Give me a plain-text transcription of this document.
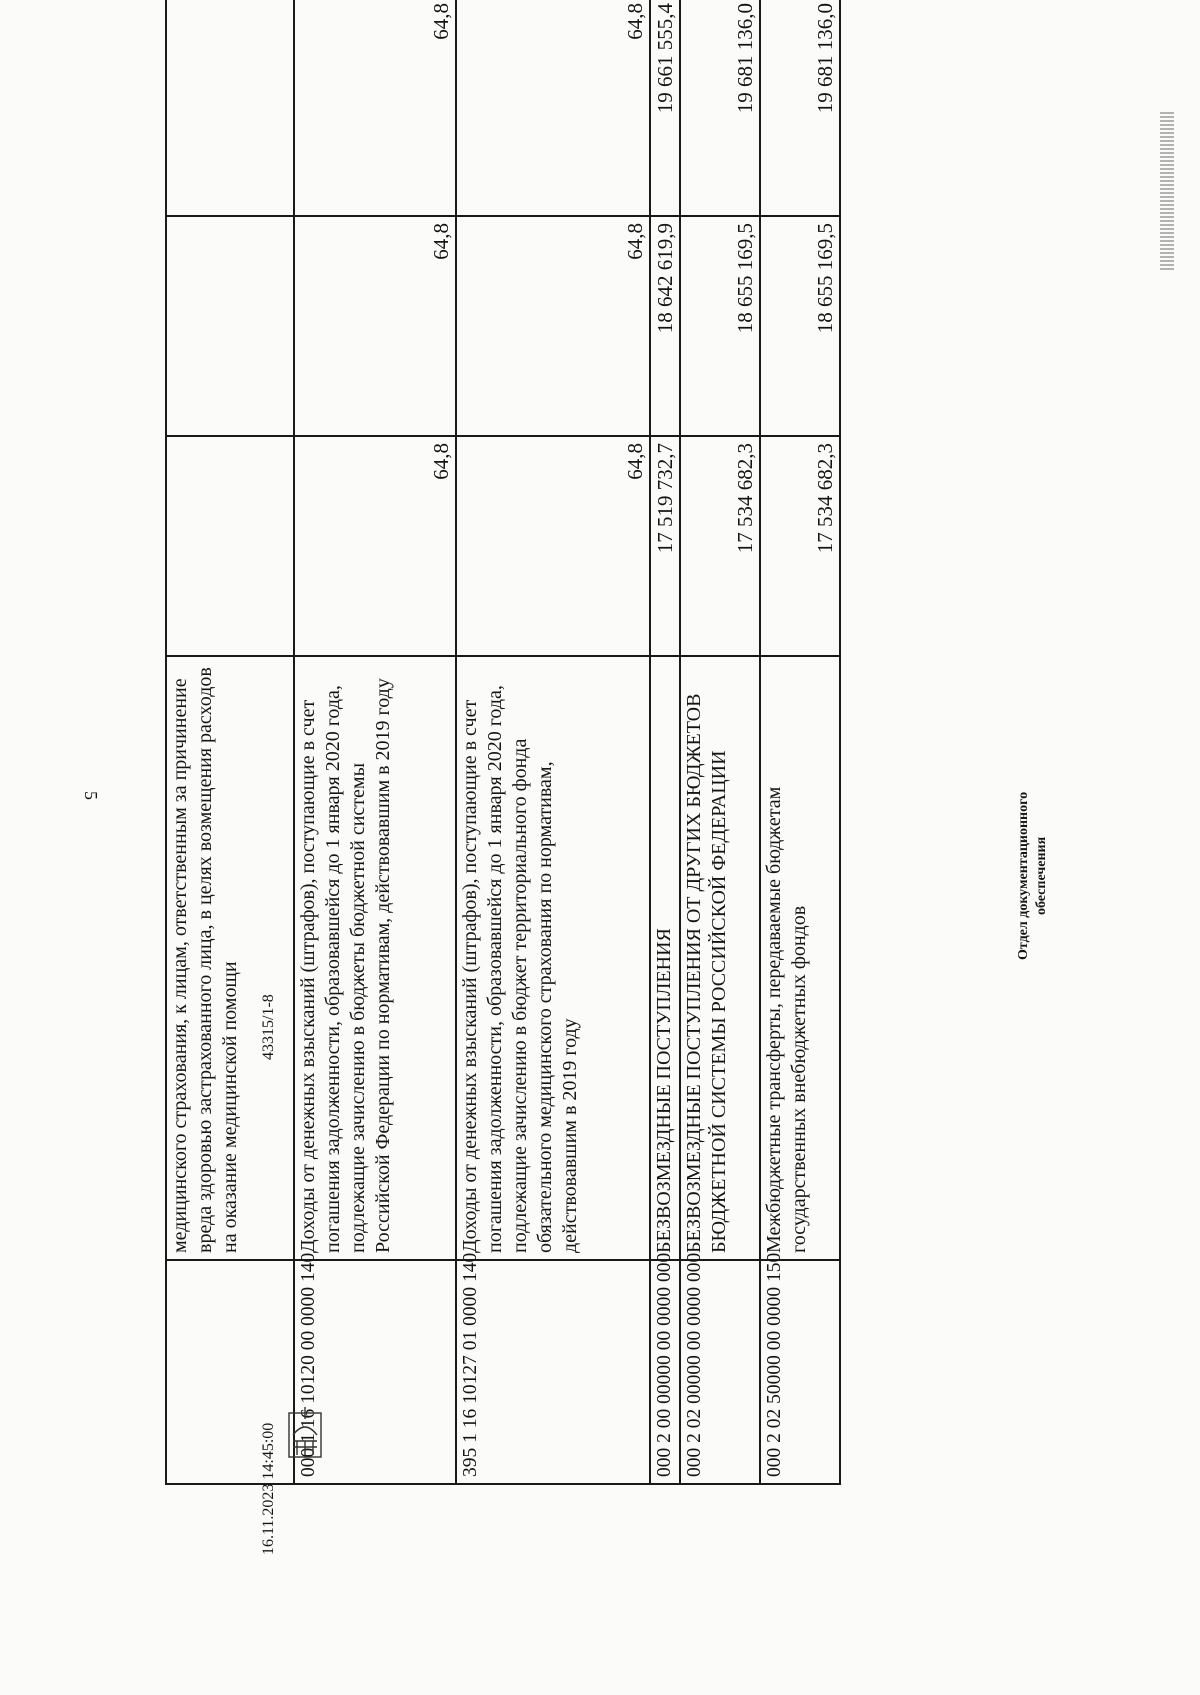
5
		медицинского страхования, к лицам, ответственным за причинение вреда здоровью застрахованного лица, в целях возмещения расходов на оказание медицинской помощи			
000 1 16 10120 00 0000 140	Доходы от денежных взысканий (штрафов), поступающие в счет погашения задолженности, образовавшейся до 1 января 2020 года, подлежащие зачислению в бюджеты бюджетной системы Российской Федерации по нормативам, действовавшим в 2019 году	64,8	64,8	64,8
395 1 16 10127 01 0000 140	Доходы от денежных взысканий (штрафов), поступающие в счет погашения задолженности, образовавшейся до 1 января 2020 года, подлежащие зачислению в бюджет территориального фонда обязательного медицинского страхования по нормативам, действовавшим в 2019 году	64,8	64,8	64,8
000 2 00 00000 00 0000 000	БЕЗВОЗМЕЗДНЫЕ ПОСТУПЛЕНИЯ	17 519 732,7	18 642 619,9	19 661 555,4
000 2 02 00000 00 0000 000	БЕЗВОЗМЕЗДНЫЕ ПОСТУПЛЕНИЯ ОТ ДРУГИХ БЮДЖЕТОВ БЮДЖЕТНОЙ СИСТЕМЫ РОССИЙСКОЙ ФЕДЕРАЦИИ	17 534 682,3	18 655 169,5	19 681 136,0
000 2 02 50000 00 0000 150	Межбюджетные трансферты, передаваемые бюджетам государственных внебюджетных фондов	17 534 682,3	18 655 169,5	19 681 136,0
16.11.2023 14:45:00
43315/1-8
Отдел документационного обеспечения
